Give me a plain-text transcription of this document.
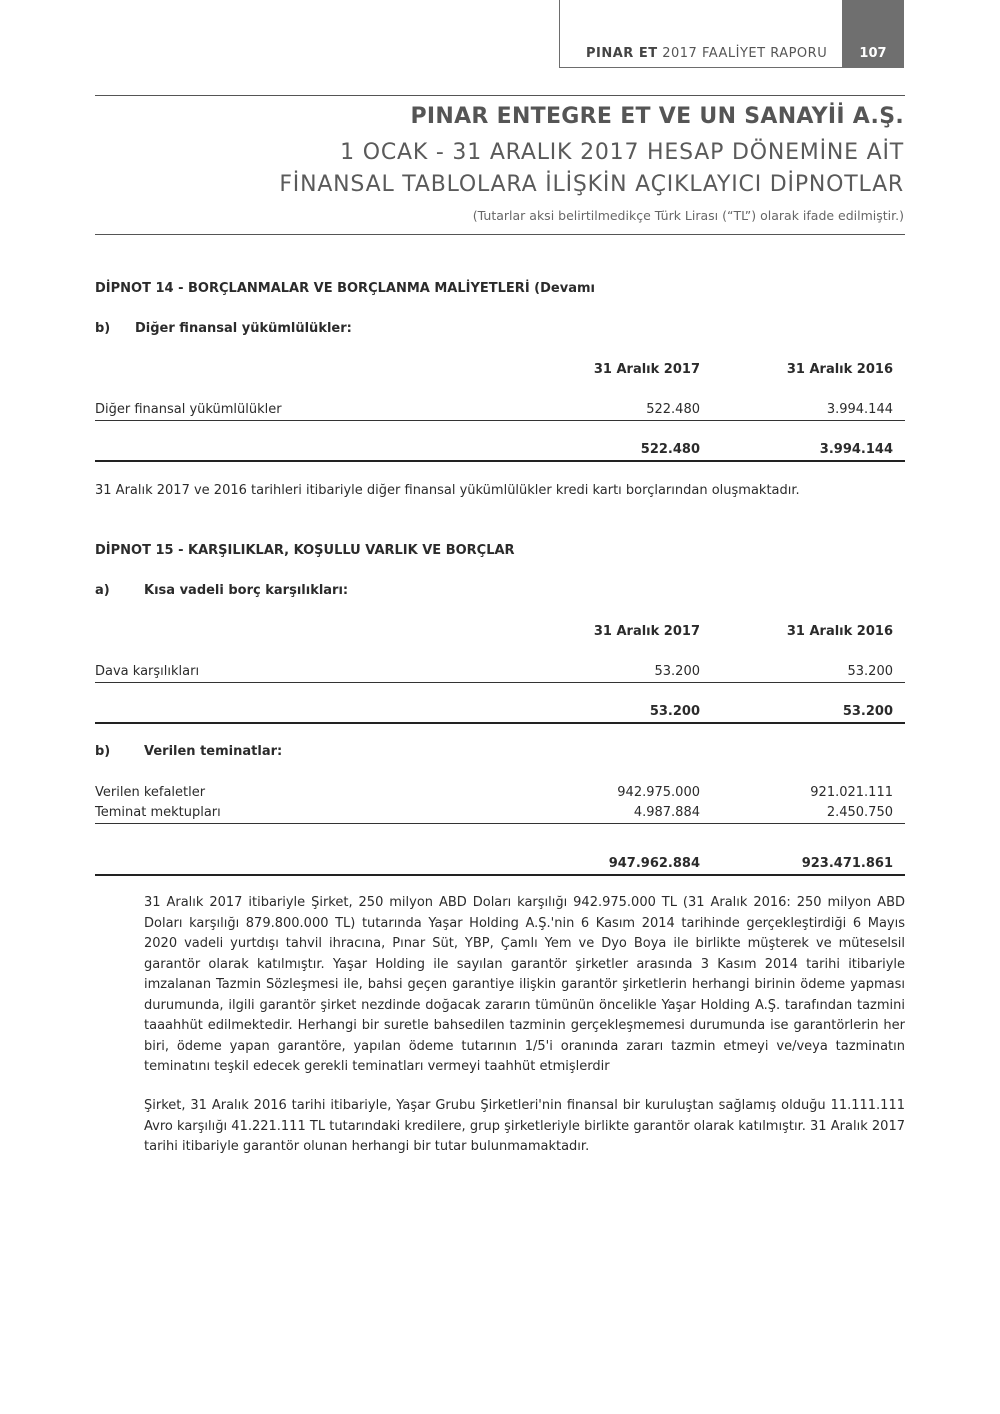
PINAR ET 2017 FAALİYET RAPORU	107
PINAR ENTEGRE ET VE UN SANAYİİ A.Ş.
1 OCAK - 31 ARALIK 2017 HESAP DÖNEMİNE AİT
FİNANSAL TABLOLARA İLİŞKİN AÇIKLAYICI DİPNOTLAR
(Tutarlar aksi belirtilmedikçe Türk Lirası (“TL”) olarak ifade edilmiştir.)
DİPNOT 14 - BORÇLANMALAR VE BORÇLANMA MALİYETLERİ (Devamı
b) Diğer finansal yükümlülükler:
31 Aralık 2017	31 Aralık 2016
Diğer finansal yükümlülükler	522.480	3.994.144
522.480	3.994.144
31 Aralık 2017 ve 2016 tarihleri itibariyle diğer finansal yükümlülükler kredi kartı borçlarından oluşmaktadır.
DİPNOT 15 - KARŞILIKLAR, KOŞULLU VARLIK VE BORÇLAR
a)	Kısa vadeli borç karşılıkları:
31 Aralık 2017	31 Aralık 2016
Dava karşılıkları	53.200	53.200
53.200	53.200
b)	Verilen teminatlar:
Verilen kefaletler	942.975.000	921.021.111
Teminat mektupları	4.987.884	2.450.750
947.962.884	923.471.861

31 Aralık 2017 itibariyle Şirket, 250 milyon ABD Doları karşılığı 942.975.000 TL (31 Aralık 2016: 250 milyon ABD Doları karşılığı 879.800.000 TL) tutarında Yaşar Holding A.Ş.'nin 6 Kasım 2014 tarihinde gerçekleştirdiği 6 Mayıs 2020 vadeli yurtdışı tahvil ihracına, Pınar Süt, YBP, Çamlı Yem ve Dyo Boya ile birlikte müşterek ve müteselsil garantör olarak katılmıştır. Yaşar Holding ile sayılan garantör şirketler arasında 3 Kasım 2014 tarihi itibariyle imzalanan Tazmin Sözleşmesi ile, bahsi geçen garantiye ilişkin garantör şirketlerin herhangi birinin ödeme yapması durumunda, ilgili garantör şirket nezdinde doğacak zararın tümünün öncelikle Yaşar Holding A.Ş. tarafından tazmini taaahhüt edilmektedir. Herhangi bir suretle bahsedilen tazminin gerçekleşmemesi durumunda ise garantörlerin her biri, ödeme yapan garantöre, yapılan ödeme tutarının 1/5'i oranında zararı tazmin etmeyi ve/veya tazminatın teminatını teşkil edecek gerekli teminatları vermeyi taahhüt etmişlerdir

Şirket, 31 Aralık 2016 tarihi itibariyle, Yaşar Grubu Şirketleri'nin finansal bir kuruluştan sağlamış olduğu 11.111.111 Avro karşılığı 41.221.111 TL tutarındaki kredilere, grup şirketleriyle birlikte garantör olarak katılmıştır. 31 Aralık 2017 tarihi itibariyle garantör olunan herhangi bir tutar bulunmamaktadır.
